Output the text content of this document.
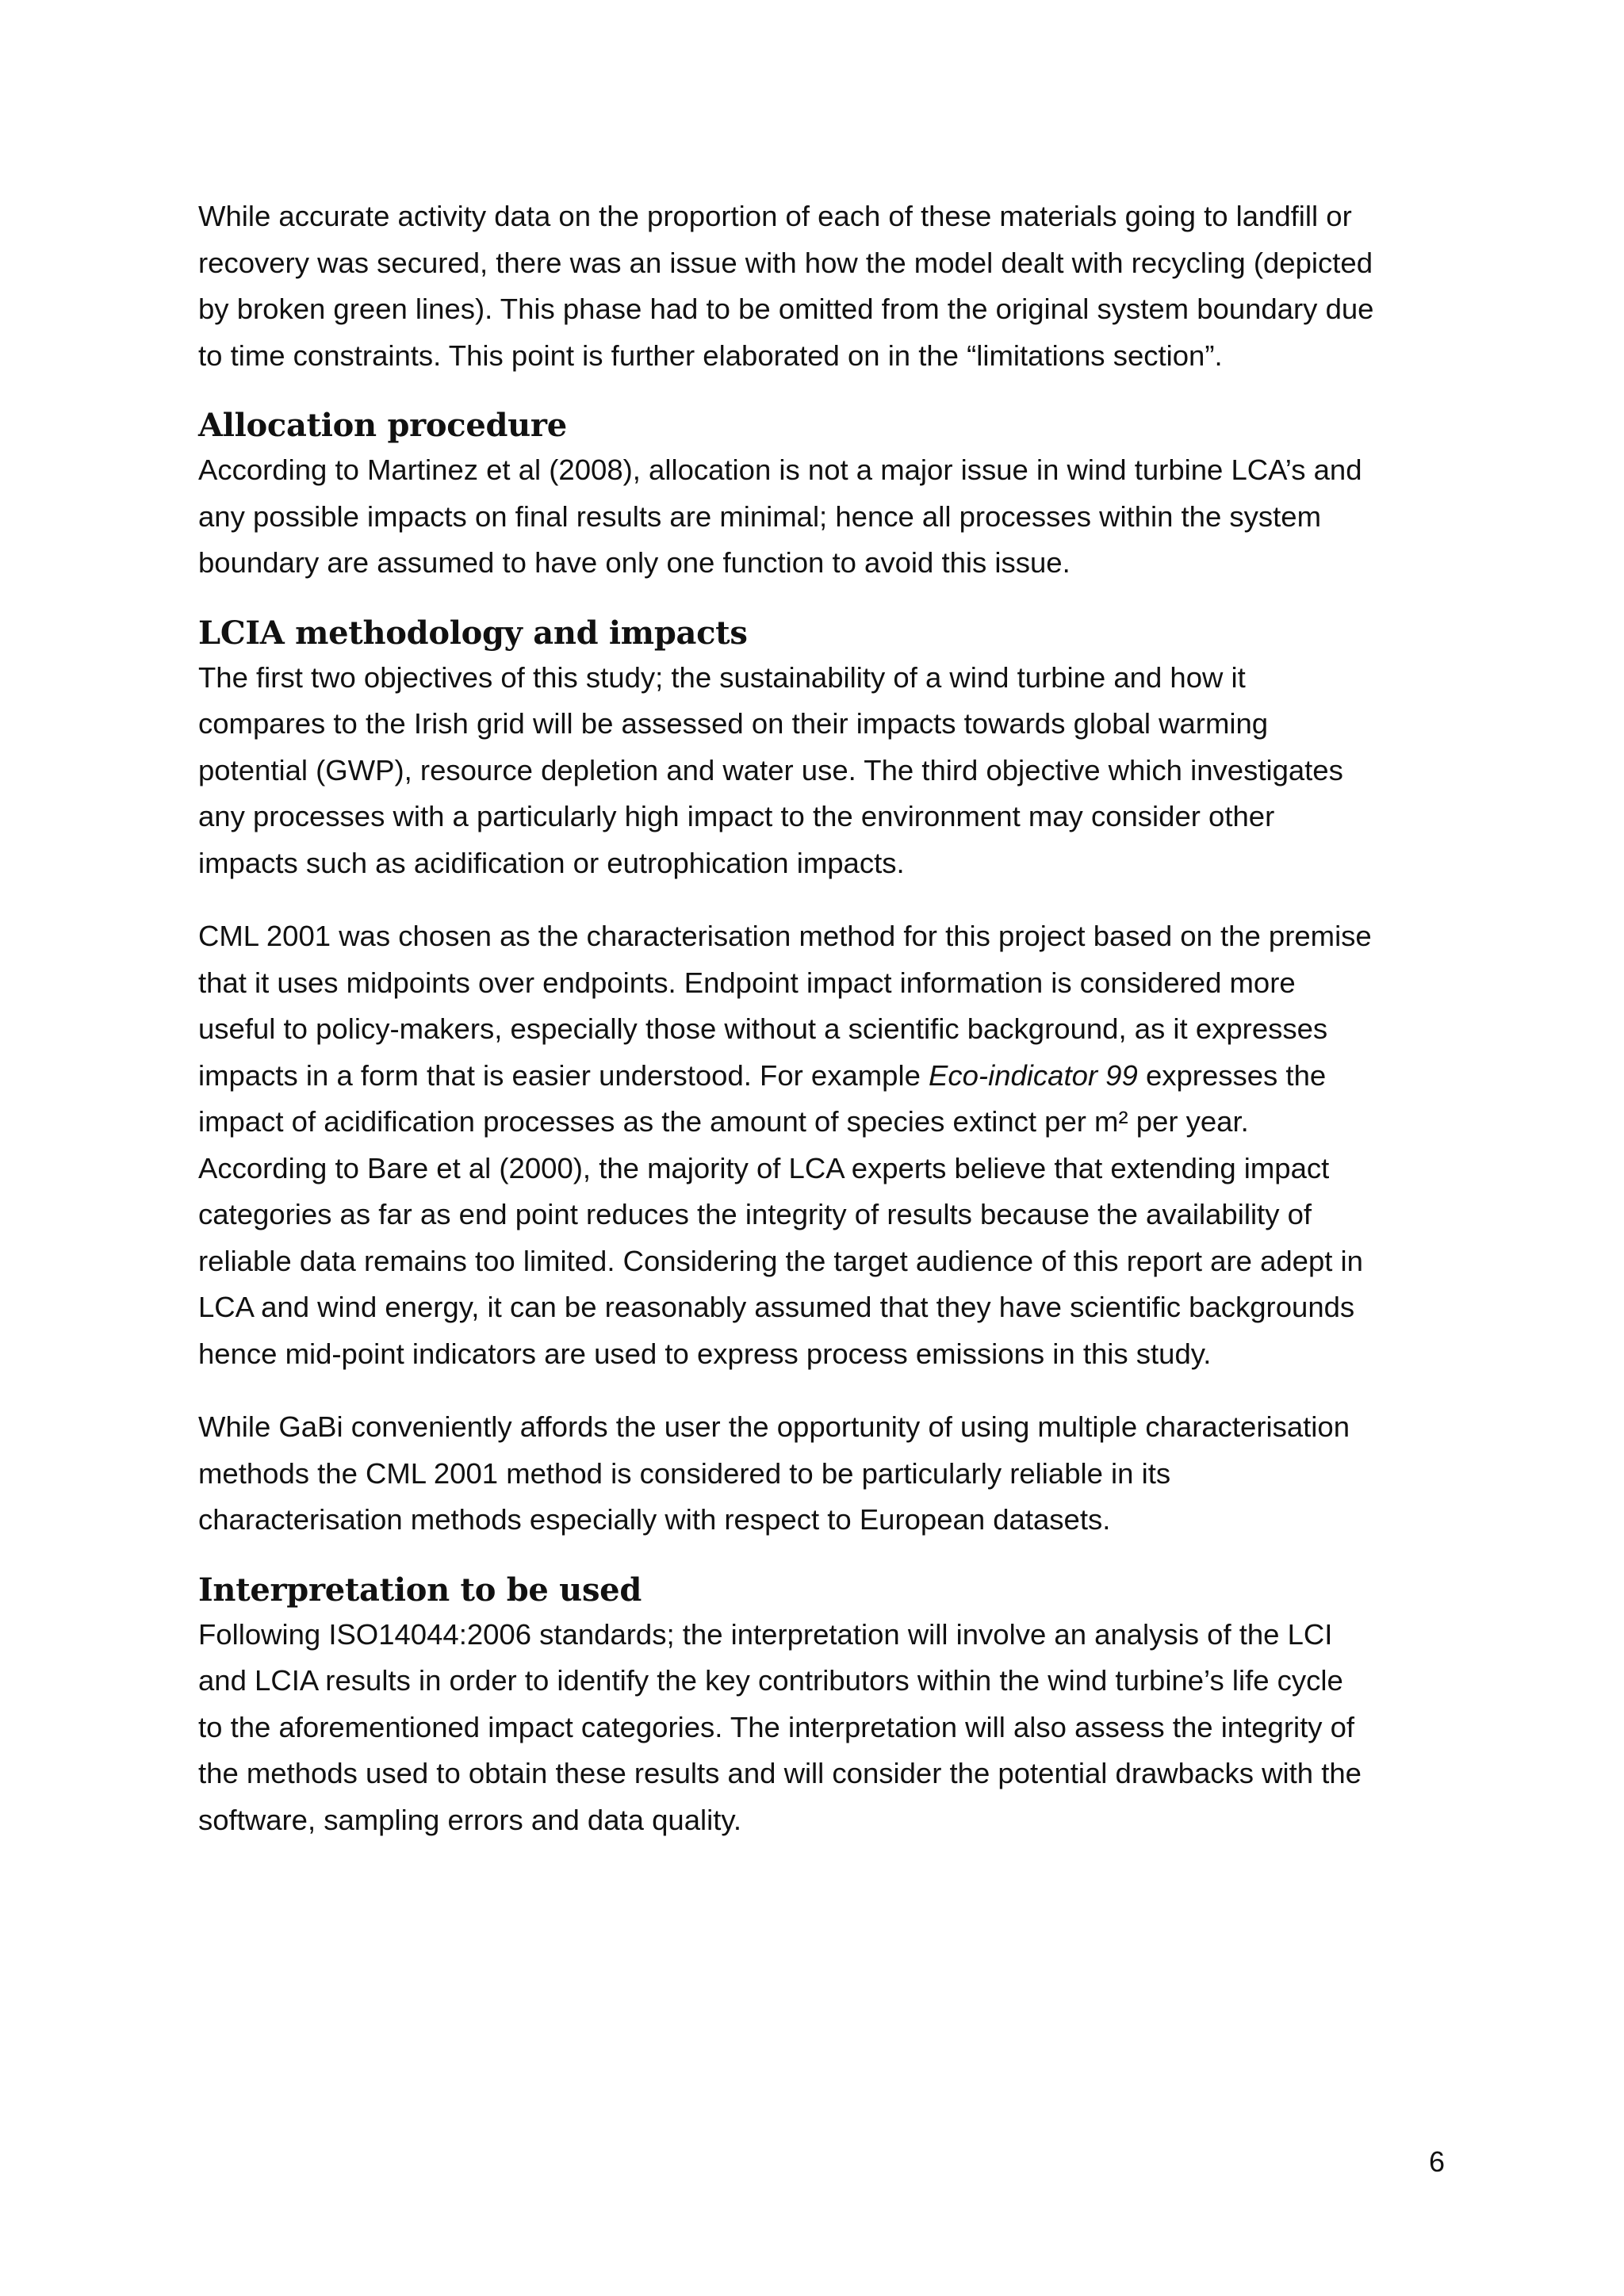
While accurate activity data on the proportion of each of these materials going to landfill or
recovery was secured, there was an issue with how the model dealt with recycling (depicted
by broken green lines). This phase had to be omitted from the original system boundary due
to time constraints. This point is further elaborated on in the “limitations section”.

Allocation procedure

According to Martinez et al (2008), allocation is not a major issue in wind turbine LCA’s and
any possible impacts on final results are minimal; hence all processes within the system
boundary are assumed to have only one function to avoid this issue.

LCIA methodology and impacts

The first two objectives of this study; the sustainability of a wind turbine and how it
compares to the Irish grid will be assessed on their impacts towards global warming
potential (GWP), resource depletion and water use. The third objective which investigates
any processes with a particularly high impact to the environment may consider other
impacts such as acidification or eutrophication impacts.

CML 2001 was chosen as the characterisation method for this project based on the premise
that it uses midpoints over endpoints. Endpoint impact information is considered more
useful to policy-makers, especially those without a scientific background, as it expresses
impacts in a form that is easier understood. For example Eco-indicator 99 expresses the
impact of acidification processes as the amount of species extinct per m² per year.
According to Bare et al (2000), the majority of LCA experts believe that extending impact
categories as far as end point reduces the integrity of results because the availability of
reliable data remains too limited. Considering the target audience of this report are adept in
LCA and wind energy, it can be reasonably assumed that they have scientific backgrounds
hence mid-point indicators are used to express process emissions in this study.

While GaBi conveniently affords the user the opportunity of using multiple characterisation
methods the CML 2001 method is considered to be particularly reliable in its
characterisation methods especially with respect to European datasets.

Interpretation to be used

Following ISO14044:2006 standards; the interpretation will involve an analysis of the LCI
and LCIA results in order to identify the key contributors within the wind turbine’s life cycle
to the aforementioned impact categories. The interpretation will also assess the integrity of
the methods used to obtain these results and will consider the potential drawbacks with the
software, sampling errors and data quality.

6
